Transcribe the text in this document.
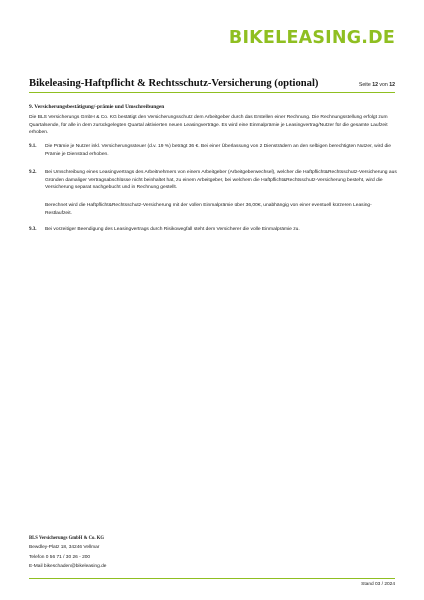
BIKELEASING.DE
Bikeleasing-Haftpflicht & Rechtsschutz-Versicherung (optional)	Seite 12 von 12
9. Versicherungsbestätigung/-prämie und Umschreibungen

Die BLS Versicherungs GmbH & Co. KG bestätigt den Versicherungsschutz dem Arbeitgeber durch das Erstellen einer Rechnung. Die Rechnungsstellung erfolgt zum Quartalsende, für alle in dem zurückgelegten Quartal aktivierten neuen Leasingverträge. Es wird eine Einmalprämie je Leasingvertrag/Nutzer für die gesamte Laufzeit erhoben.

9.1.	Die Prämie je Nutzer inkl. Versicherungssteuer (d.v. 19 %) beträgt 36 €. Bei einer Überlassung von 2 Diensträdern an den selbigen berechtigten Nutzer, wird die Prämie je Dienstrad erhoben.

9.2.	Bei Umschreibung eines Leasingvertrags des Arbeitnehmers von einem Arbeitgeber (Arbeitgeberwechsel), welcher die Haftpflicht&Rechtsschutz-Versicherung aus Gründen damaliger Vertragsabschlüsse nicht beinhaltet hat, zu einem Arbeitgeber, bei welchem die Haftpflicht&Rechtsschutz-Versicherung besteht, wird die Versicherung separat nachgebucht und in Rechnung gestellt.

Berechnet wird die Haftpflicht&Rechtsschutz-Versicherung mit der vollen Einmalprämie über 36,00€, unabhängig von einer eventuell kürzeren Leasing-Restlaufzeit.

9.3.	Bei vorzeitiger Beendigung des Leasingvertrags durch Risikowegfall steht dem Versicherer die volle Einmalprämie zu.

BLS Versicherungs GmbH & Co. KG
Bewdley-Platz 18, 34246 Vellmar
Telefon 0 56 71 / 30 26 - 200
E-Mail bikeschaden@bikeleasing.de
Stand 03 / 2024
